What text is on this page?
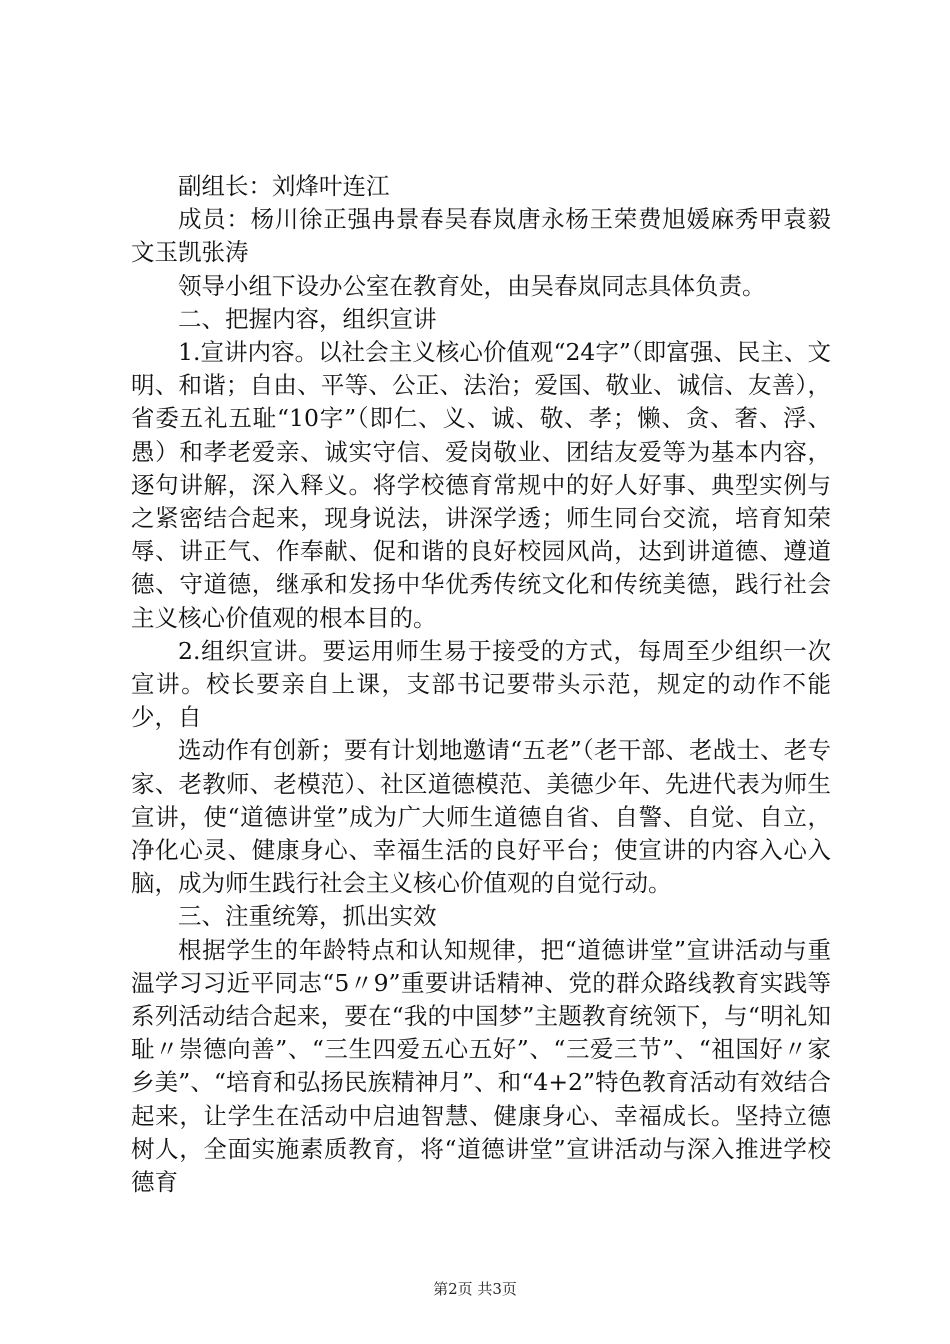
副组长：刘烽叶连江

成员：杨川徐正强冉景春吴春岚唐永杨王荣费旭媛麻秀甲袁毅文玉凯张涛

领导小组下设办公室在教育处，由吴春岚同志具体负责。

二、把握内容，组织宣讲

1.宣讲内容。以社会主义核心价值观“24字”（即富强、民主、文明、和谐；自由、平等、公正、法治；爱国、敬业、诚信、友善），省委五礼五耻“10字”（即仁、义、诚、敬、孝；懒、贪、奢、浮、愚）和孝老爱亲、诚实守信、爱岗敬业、团结友爱等为基本内容，逐句讲解，深入释义。将学校德育常规中的好人好事、典型实例与之紧密结合起来，现身说法，讲深学透；师生同台交流，培育知荣辱、讲正气、作奉献、促和谐的良好校园风尚，达到讲道德、遵道德、守道德，继承和发扬中华优秀传统文化和传统美德，践行社会主义核心价值观的根本目的。

2.组织宣讲。要运用师生易于接受的方式，每周至少组织一次宣讲。校长要亲自上课，支部书记要带头示范，规定的动作不能少，自

选动作有创新；要有计划地邀请“五老”（老干部、老战士、老专家、老教师、老模范）、社区道德模范、美德少年、先进代表为师生宣讲，使“道德讲堂”成为广大师生道德自省、自警、自觉、自立，净化心灵、健康身心、幸福生活的良好平台；使宣讲的内容入心入脑，成为师生践行社会主义核心价值观的自觉行动。

三、注重统筹，抓出实效

根据学生的年龄特点和认知规律，把“道德讲堂”宣讲活动与重温学习习近平同志“5〃9”重要讲话精神、党的群众路线教育实践等系列活动结合起来，要在“我的中国梦”主题教育统领下，与“明礼知耻〃崇德向善”、“三生四爱五心五好”、“三爱三节”、“祖国好〃家乡美”、“培育和弘扬民族精神月”、和“4+2”特色教育活动有效结合起来，让学生在活动中启迪智慧、健康身心、幸福成长。坚持立德树人，全面实施素质教育，将“道德讲堂”宣讲活动与深入推进学校德育

第2页 共3页
